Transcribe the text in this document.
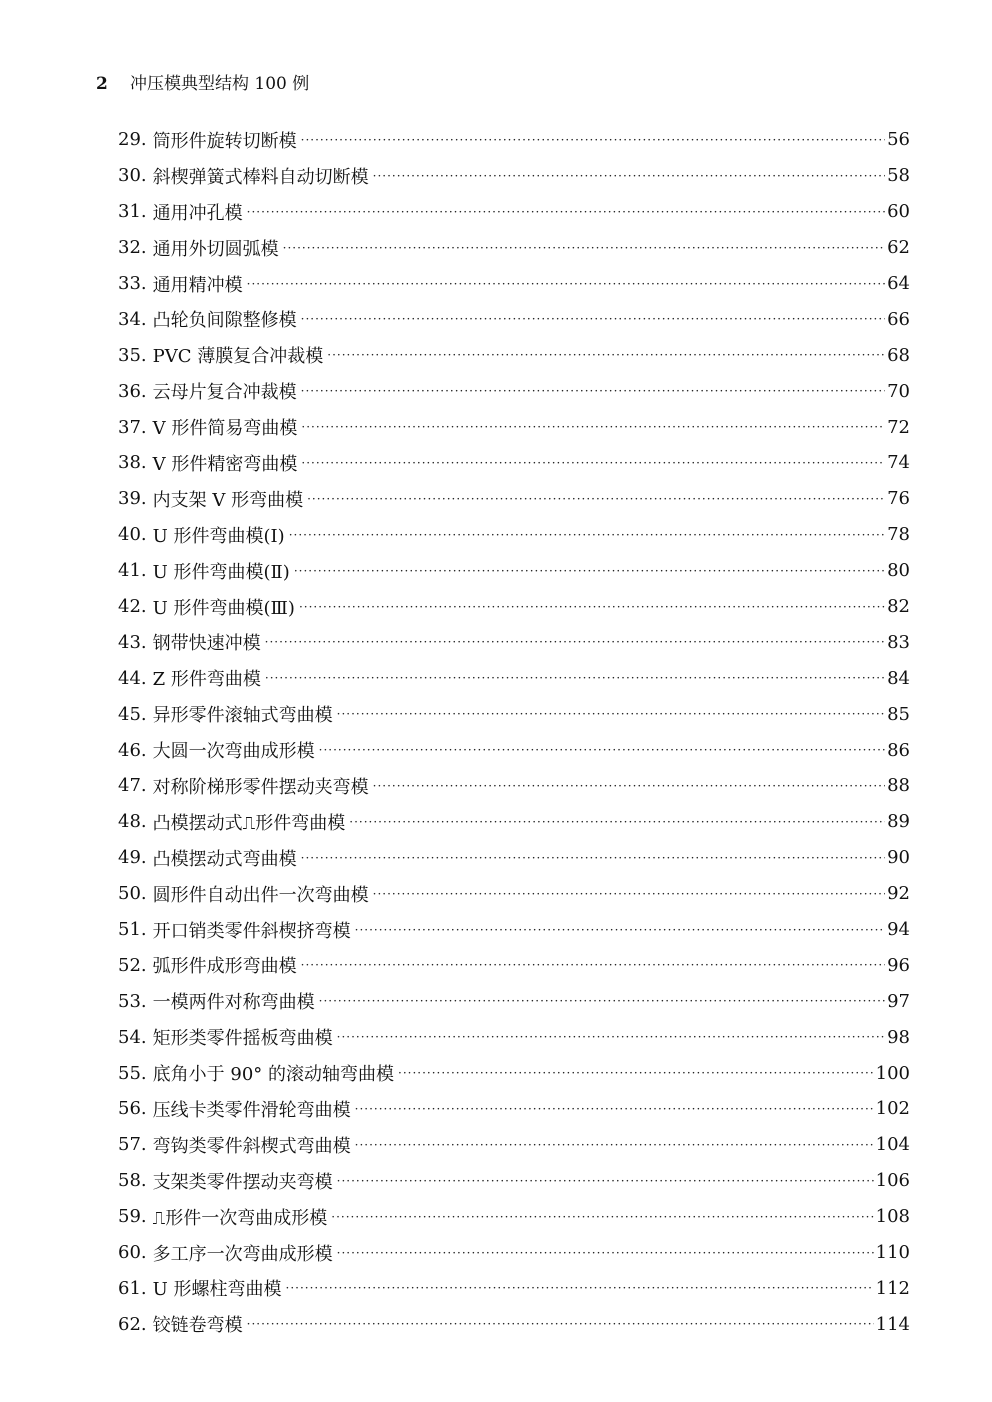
2	冲压模典型结构 100 例
29. 筒形件旋转切断模 ·····	56
30. 斜楔弹簧式棒料自动切断模 ·····	58
31. 通用冲孔模 ·····	60
32. 通用外切圆弧模 ·····	62
33. 通用精冲模 ·····	64
34. 凸轮负间隙整修模 ·····	66
35. PVC 薄膜复合冲裁模 ·····	68
36. 云母片复合冲裁模 ·····	70
37. V 形件简易弯曲模 ·····	72
38. V 形件精密弯曲模 ·····	74
39. 内支架 V 形弯曲模 ·····	76
40. U 形件弯曲模(Ⅰ) ·····	78
41. U 形件弯曲模(Ⅱ) ·····	80
42. U 形件弯曲模(Ⅲ) ·····	82
43. 钢带快速冲模 ·····	83
44. Z 形件弯曲模 ·····	84
45. 异形零件滚轴式弯曲模 ·····	85
46. 大圆一次弯曲成形模 ·····	86
47. 对称阶梯形零件摆动夹弯模 ·····	88
48. 凸模摆动式⎍形件弯曲模 ·····	89
49. 凸模摆动式弯曲模 ·····	90
50. 圆形件自动出件一次弯曲模 ·····	92
51. 开口销类零件斜楔挤弯模 ·····	94
52. 弧形件成形弯曲模 ·····	96
53. 一模两件对称弯曲模 ·····	97
54. 矩形类零件摇板弯曲模 ·····	98
55. 底角小于 90° 的滚动轴弯曲模 ·····	100
56. 压线卡类零件滑轮弯曲模 ·····	102
57. 弯钩类零件斜楔式弯曲模 ·····	104
58. 支架类零件摆动夹弯模 ·····	106
59. ⎍形件一次弯曲成形模 ·····	108
60. 多工序一次弯曲成形模 ·····	110
61. U 形螺柱弯曲模 ·····	112
62. 铰链卷弯模 ·····	114
